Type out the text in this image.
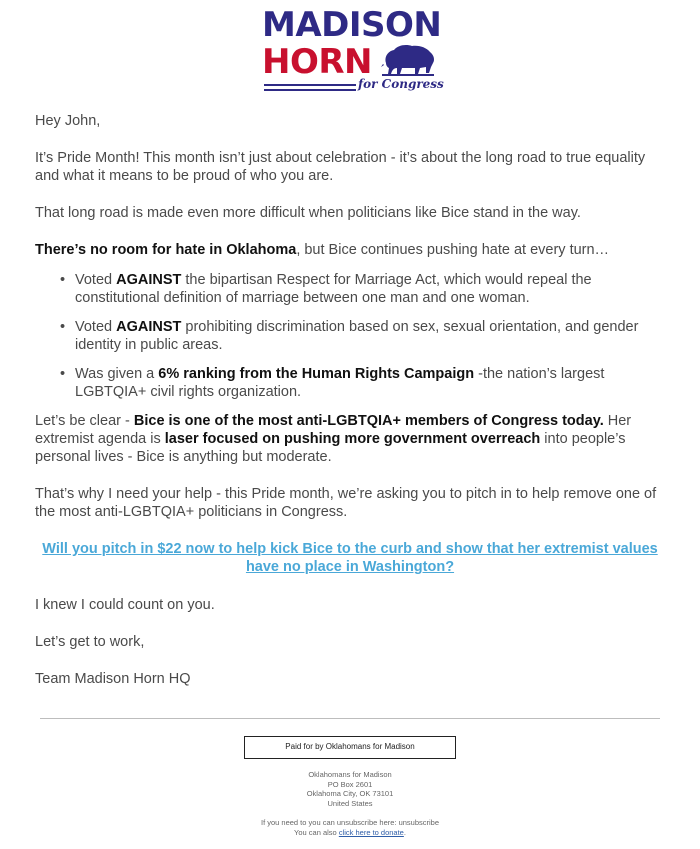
MADISON
HORN
for Congress

Hey John,

It’s Pride Month! This month isn’t just about celebration - it’s about the long road to true equality and what it means to be proud of who you are.

That long road is made even more difficult when politicians like Bice stand in the way.

There’s no room for hate in Oklahoma, but Bice continues pushing hate at every turn…

• Voted AGAINST the bipartisan Respect for Marriage Act, which would repeal the constitutional definition of marriage between one man and one woman.
• Voted AGAINST prohibiting discrimination based on sex, sexual orientation, and gender identity in public areas.
• Was given a 6% ranking from the Human Rights Campaign -the nation’s largest LGBTQIA+ civil rights organization.

Let’s be clear - Bice is one of the most anti-LGBTQIA+ members of Congress today. Her extremist agenda is laser focused on pushing more government overreach into people’s personal lives - Bice is anything but moderate.

That’s why I need your help - this Pride month, we’re asking you to pitch in to help remove one of the most anti-LGBTQIA+ politicians in Congress.

Will you pitch in $22 now to help kick Bice to the curb and show that her extremist values
have no place in Washington?

I knew I could count on you.

Let’s get to work,

Team Madison Horn HQ

Paid for by Oklahomans for Madison
Oklahomans for Madison
PO Box 2601
Oklahoma City, OK 73101
United States
If you need to you can unsubscribe here: unsubscribe
You can also click here to donate.
